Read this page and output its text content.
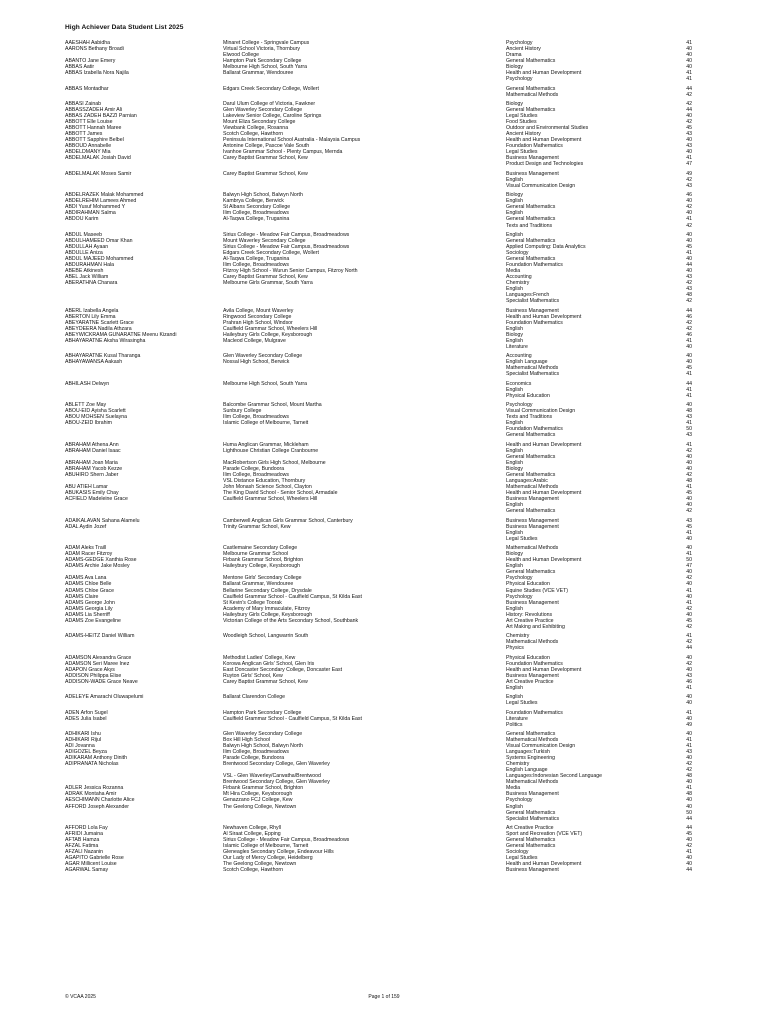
High Achiever Data Student List 2025
AAESHAH Aabidha	Minaret College - Springvale Campus	Psychology	41
AARONS Bethany Broadi	Virtual School Victoria, Thornbury	Ancient History	40
Elwood College	Drama	40
ABANTO Jane Emery	Hampton Park Secondary College	General Mathematics	40
ABBAS Aatir	Melbourne High School, South Yarra	Biology	40
ABBAS Izabella Nora Najila	Ballarat Grammar, Wendouree	Health and Human Development	41
Psychology	41
ABBAS Montadhar	Edgars Creek Secondary College, Wollert	General Mathematics	44
Mathematical Methods	42
ABBASI Zainab	Darul Ulum College of Victoria, Fawkner	Biology	42
ABBASSZADEH Amir Ali	Glen Waverley Secondary College	General Mathematics	44
ABBAS ZADEH BAZZI Parnian	Lakeview Senior College, Caroline Springs	Legal Studies	40
ABBOTT Elle Louise	Mount Eliza Secondary College	Food Studies	42
ABBOTT Hannah Maree	Viewbank College, Rosanna	Outdoor and Environmental Studies	45
ABBOTT James	Scotch College, Hawthorn	Ancient History	43
ABBOTT Sapphire Belbel	Peninsula International School Australia - Malaysia Campus	Health and Human Development	40
ABBOUD Annabelle	Antonine College, Pascoe Vale South	Foundation Mathematics	43
ABDELDMANY Mia	Ivanhoe Grammar School - Plenty Campus, Mernda	Legal Studies	40
ABDELMALAK Josiah David	Carey Baptist Grammar School, Kew	Business Management	41
Product Design and Technologies	47
ABDELMALAK Moses Samir	Carey Baptist Grammar School, Kew	Business Management	49
English	42
Visual Communication Design	43
ABDELRAZEK Malak Mohammed	Balwyn High School, Balwyn North	Biology	46
ABDELREHIM Lamees Ahmed	Kambrya College, Berwick	English	40
ABDI Yusuf Mohammed Y	St Albans Secondary College	General Mathematics	42
ABDIRAHMAN Salma	Ilim College, Broadmeadows	English	40
ABDOU Karim	Al-Taqwa College, Truganina	General Mathematics	41
Texts and Traditions	42
ABDUL Maseeb	Sirius College - Meadow Fair Campus, Broadmeadows	English	40
ABDULHAMEED Omar Khan	Mount Waverley Secondary College	General Mathematics	40
ABDULLAH Ayaan	Sirius College - Meadow Fair Campus, Broadmeadows	Applied Computing: Data Analytics	45
ABDULLE Aniza	Edgars Creek Secondary College, Wollert	Sociology	41
ABDUL MAJEED Mohammed	Al-Taqwa College, Truganina	General Mathematics	40
ABDURAHMAN Hala	Ilim College, Broadmeadows	Foundation Mathematics	44
ABEBE Atkinesh	Fitzroy High School - Wurun Senior Campus, Fitzroy North	Media	40
ABEL Jack William	Carey Baptist Grammar School, Kew	Accounting	43
ABERATHNA Chanara	Melbourne Girls Grammar, South Yarra	Chemistry	42
English	43
Languages:French	48
Specialist Mathematics	42
ABERL Izabella Angela	Avila College, Mount Waverley	Business Management	44
ABERTON Lily Emma	Ringwood Secondary College	Health and Human Development	46
ABEYARATNE Scarlett Grace	Prahran High School, Windsor	Foundation Mathematics	42
ABEYDEERA Nadila Athzara	Caulfield Grammar School, Wheelers Hill	English	42
ABEYWICKRAMA GUNARATNE Meenu Kizandi	Haileybury Girls College, Keysborough	Biology	46
ABHAYARATNE Aksha Wirasingha	Macleod College, Mulgrave	English	41
Literature	40
ABHAYARATNE Kusal Tharanga	Glen Waverley Secondary College	Accounting	40
ABHAYAWANSA Aakash	Nossal High School, Berwick	English Language	40
Mathematical Methods	45
Specialist Mathematics	41
ABHILASH Delwyn	Melbourne High School, South Yarra	Economics	44
English	41
Physical Education	41
ABLETT Zoe May	Balcombe Grammar School, Mount Martha	Psychology	40
ABOU-EID Ayisha Scarlett	Sunbury College	Visual Communication Design	48
ABOU MOHSEN Suelayna	Ilim College, Broadmeadows	Texts and Traditions	43
ABOU-ZEID Ibrahim	Islamic College of Melbourne, Tarneit	English	41
Foundation Mathematics	50
General Mathematics	43
ABRAHAM Athena Ann	Huma Anglican Grammar, Mickleham	Health and Human Development	41
ABRAHAM Daniel Isaac	Lighthouse Christian College Cranbourne	English	42
General Mathematics	40
ABRAHAM Joan Maria	MacRobertson Girls High School, Melbourne	English	40
ABRAHAM Yacob Kezze	Parade College, Bundoora	Biology	40
ABUHIRO Shern Jaber	Ilim College, Broadmeadows	General Mathematics	42
VSL Distance Education, Thornbury	Languages:Arabic	48
ABU ATIEH Lamar	John Monash Science School, Clayton	Mathematical Methods	41
ABUKASIS Emily Chay	The King David School - Senior School, Armadale	Health and Human Development	45
ACFIELD Madeleine Grace	Caulfield Grammar School, Wheelers Hill	Business Management	40
English	40
General Mathematics	42
ADAIKALAVAN Sahana Alamelu	Camberwell Anglican Girls Grammar School, Canterbury	Business Management	43
ADAL Aydin Jozef	Trinity Grammar School, Kew	Business Management	45
English	41
Legal Studies	40
ADAM Aleks Traill	Castlemaine Secondary College	Mathematical Methods	40
ADAM Racer Fitzroy	Melbourne Grammar School	Biology	41
ADAMS-GEDGE Xanthia Rose	Firbank Grammar School, Brighton	Health and Human Development	50
ADAMS Archie Jake Mosley	Haileybury College, Keysborough	English	47
General Mathematics	40
ADAMS Ava Lana	Mentone Girls' Secondary College	Psychology	42
ADAMS Chloe Belle	Ballarat Grammar, Wendouree	Physical Education	40
ADAMS Chloe Grace	Bellarine Secondary College, Drysdale	Equine Studies (VCE VET)	41
ADAMS Claire	Caulfield Grammar School - Caulfield Campus, St Kilda East	Psychology	40
ADAMS George John	St Kevin's College Toorak	Business Management	41
ADAMS Georgia Lily	Academy of Mary Immaculate, Fitzroy	English	42
ADAMS Lia Sherriff	Haileybury Girls College, Keysborough	History: Revolutions	40
ADAMS Zoe Evangeline	Victorian College of the Arts Secondary School, Southbank	Art Creative Practice	45
Art Making and Exhibiting	42
ADAMS-HEITZ Daniel William	Woodleigh School, Langwarrin South	Chemistry	41
Mathematical Methods	42
Physics	44
ADAMSON Alexandra Grace	Methodist Ladies' College, Kew	Physical Education	40
ADAMSON Seri Maree Inez	Korowa Anglican Girls' School, Glen Iris	Foundation Mathematics	42
ADAPON Grace Akys	East Doncaster Secondary College, Doncaster East	Health and Human Development	40
ADDISON Philippa Elise	Ruyton Girls' School, Kew	Business Management	43
ADDISON-WADE Grace Neave	Carey Baptist Grammar School, Kew	Art Creative Practice	46
English	41
ADELEYE Amarachi Oluwapelumi	Ballarat Clarendon College	English	40
Legal Studies	40
ADEN Arfon Sugel	Hampton Park Secondary College	Foundation Mathematics	41
ADES Julia Isabel	Caulfield Grammar School - Caulfield Campus, St Kilda East	Literature	40
Politics	49
ADHIKARI Ishu	Glen Waverley Secondary College	General Mathematics	40
ADHIKARI Rijul	Box Hill High School	Mathematical Methods	41
ADI Jovanna	Balwyn High School, Balwyn North	Visual Communication Design	41
ADIGOZEL Beyza	Ilim College, Broadmeadows	Languages:Turkish	43
ADIKARAM Anthony Dinith	Parade College, Bundoora	Systems Engineering	40
ADIPRANATA Nicholas	Brentwood Secondary College, Glen Waverley	Chemistry	42
English Language	42
VSL - Glen Waverley/Carwatha/Brentwood	Languages:Indonesian Second Language	48
Brentwood Secondary College, Glen Waverley	Mathematical Methods	40
ADLER Jessica Rozanna	Firbank Grammar School, Brighton	Media	41
ADRAK Montaha Amir	Mt Hira College, Keysborough	Business Management	48
AESCHIMANN Charlotte Alice	Genazzano FCJ College, Kew	Psychology	40
AFFORD Joseph Alexander	The Geelong College, Newtown	English	40
General Mathematics	50
Specialist Mathematics	44
AFFORD Lola Fay	Newhaven College, Rhyll	Art Creative Practice	44
AFRIDI Jumaina	Al Siraat College, Epping	Sport and Recreation (VCE VET)	45
AFTAB Hamza	Sirius College - Meadow Fair Campus, Broadmeadows	General Mathematics	40
AFZAL Fatima	Islamic College of Melbourne, Tarneit	General Mathematics	42
AFZALI Nazanin	Gleneagles Secondary College, Endeavour Hills	Sociology	41
AGAPITO Gabrielle Rose	Our Lady of Mercy College, Heidelberg	Legal Studies	40
AGAR Millicent Louise	The Geelong College, Newtown	Health and Human Development	40
AGARWAL Samay	Scotch College, Hawthorn	Business Management	44
© VCAA 2025	Page 1 of 159
